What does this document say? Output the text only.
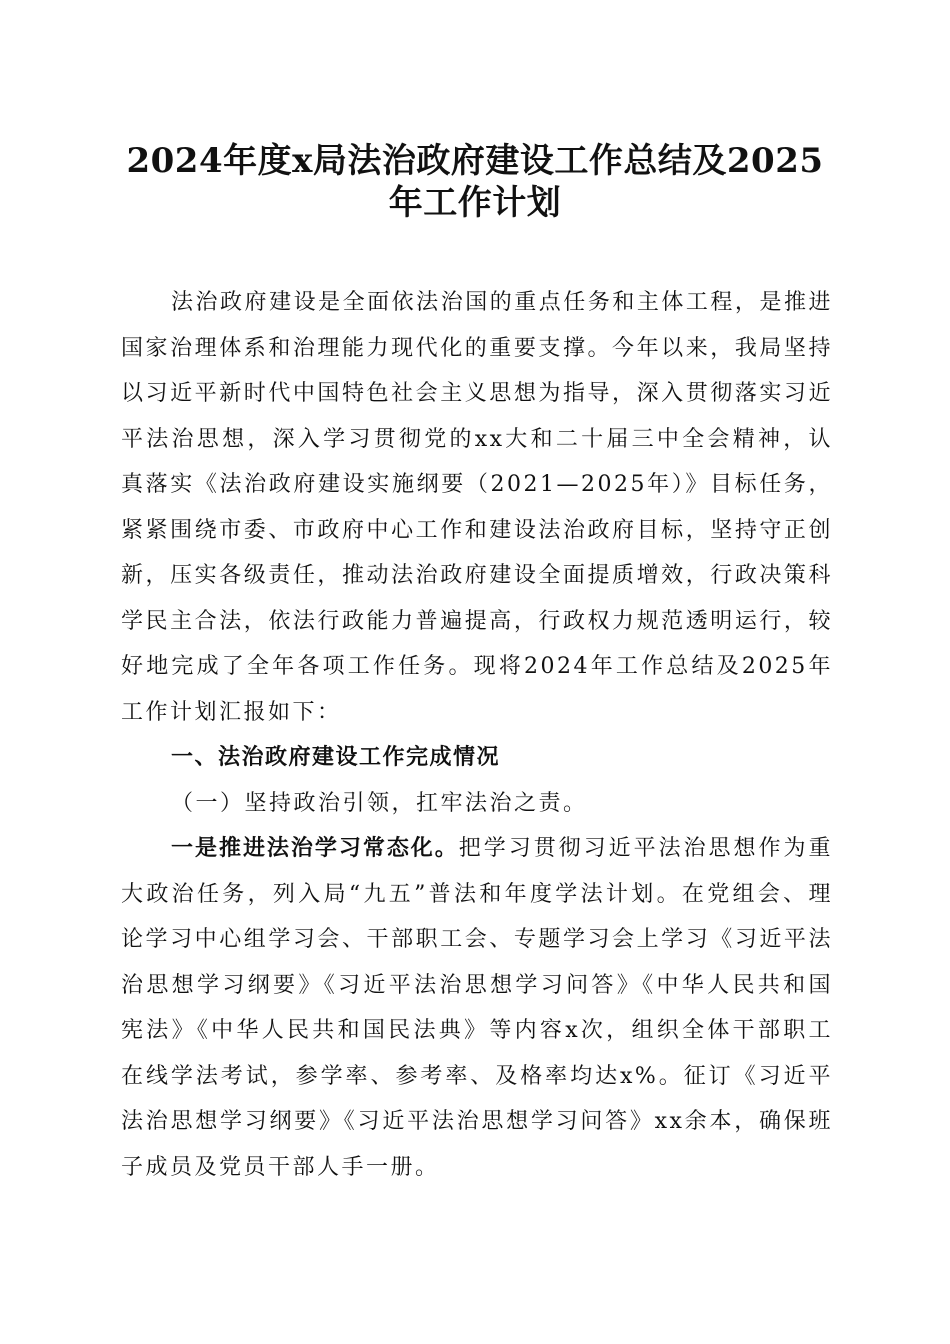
2024年度x局法治政府建设工作总结及2025
年工作计划

法治政府建设是全面依法治国的重点任务和主体工程，是推进国家治理体系和治理能力现代化的重要支撑。今年以来，我局坚持以习近平新时代中国特色社会主义思想为指导，深入贯彻落实习近平法治思想，深入学习贯彻党的xx大和二十届三中全会精神，认真落实《法治政府建设实施纲要（2021—2025年）》目标任务，紧紧围绕市委、市政府中心工作和建设法治政府目标，坚持守正创新，压实各级责任，推动法治政府建设全面提质增效，行政决策科学民主合法，依法行政能力普遍提高，行政权力规范透明运行，较好地完成了全年各项工作任务。现将2024年工作总结及2025年工作计划汇报如下：

一、法治政府建设工作完成情况

（一）坚持政治引领，扛牢法治之责。

一是推进法治学习常态化。把学习贯彻习近平法治思想作为重大政治任务，列入局“九五”普法和年度学法计划。在党组会、理论学习中心组学习会、干部职工会、专题学习会上学习《习近平法治思想学习纲要》《习近平法治思想学习问答》《中华人民共和国宪法》《中华人民共和国民法典》等内容x次，组织全体干部职工在线学法考试，参学率、参考率、及格率均达x%。征订《习近平法治思想学习纲要》《习近平法治思想学习问答》xx余本，确保班子成员及党员干部人手一册。
